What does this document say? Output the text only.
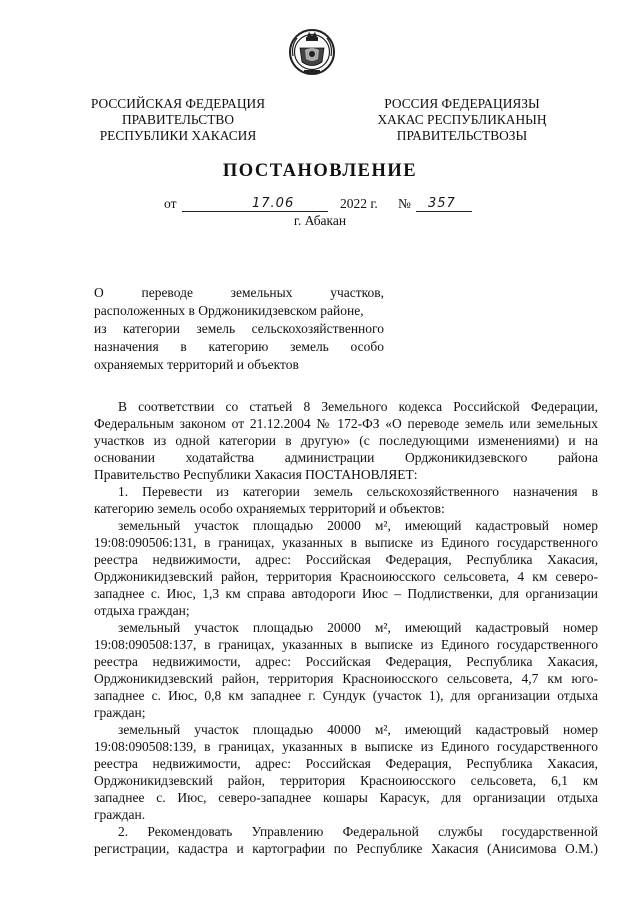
РОССИЙСКАЯ ФЕДЕРАЦИЯ
ПРАВИТЕЛЬСТВО
РЕСПУБЛИКИ ХАКАСИЯ
РОССИЯ ФЕДЕРАЦИЯЗЫ
ХАКАС РЕСПУБЛИКАНЫҢ
ПРАВИТЕЛЬСТВОЗЫ
ПОСТАНОВЛЕНИЕ
от	17.06	2022 г. № 357
г. Абакан
О переводе земельных участков,
расположенных в Орджоникидзевском районе,
из категории земель сельскохозяйственного
назначения в категорию земель особо
охраняемых территорий и объектов
В соответствии со статьей 8 Земельного кодекса Российской Федерации,
Федеральным законом от 21.12.2004 № 172-ФЗ «О переводе земель или земельных
участков из одной категории в другую» (с последующими изменениями) и на
основании ходатайства администрации Орджоникидзевского района
Правительство Республики Хакасия ПОСТАНОВЛЯЕТ:
1. Перевести из категории земель сельскохозяйственного назначения в
категорию земель особо охраняемых территорий и объектов:
земельный участок площадью 20000 м², имеющий кадастровый номер
19:08:090506:131, в границах, указанных в выписке из Единого государственного
реестра недвижимости, адрес: Российская Федерация, Республика Хакасия,
Орджоникидзевский район, территория Красноиюсского сельсовета, 4 км северо-
западнее с. Июс, 1,3 км справа автодороги Июс – Подлиственки, для организации
отдыха граждан;
земельный участок площадью 20000 м², имеющий кадастровый номер
19:08:090508:137, в границах, указанных в выписке из Единого государственного
реестра недвижимости, адрес: Российская Федерация, Республика Хакасия,
Орджоникидзевский район, территория Красноиюсского сельсовета, 4,7 км юго-
западнее с. Июс, 0,8 км западнее г. Сундук (участок 1), для организации отдыха
граждан;
земельный участок площадью 40000 м², имеющий кадастровый номер
19:08:090508:139, в границах, указанных в выписке из Единого государственного
реестра недвижимости, адрес: Российская Федерация, Республика Хакасия,
Орджоникидзевский район, территория Красноиюсского сельсовета, 6,1 км
западнее с. Июс, северо-западнее кошары Карасук, для организации отдыха
граждан.
2. Рекомендовать Управлению Федеральной службы государственной
регистрации, кадастра и картографии по Республике Хакасия (Анисимова О.М.)
